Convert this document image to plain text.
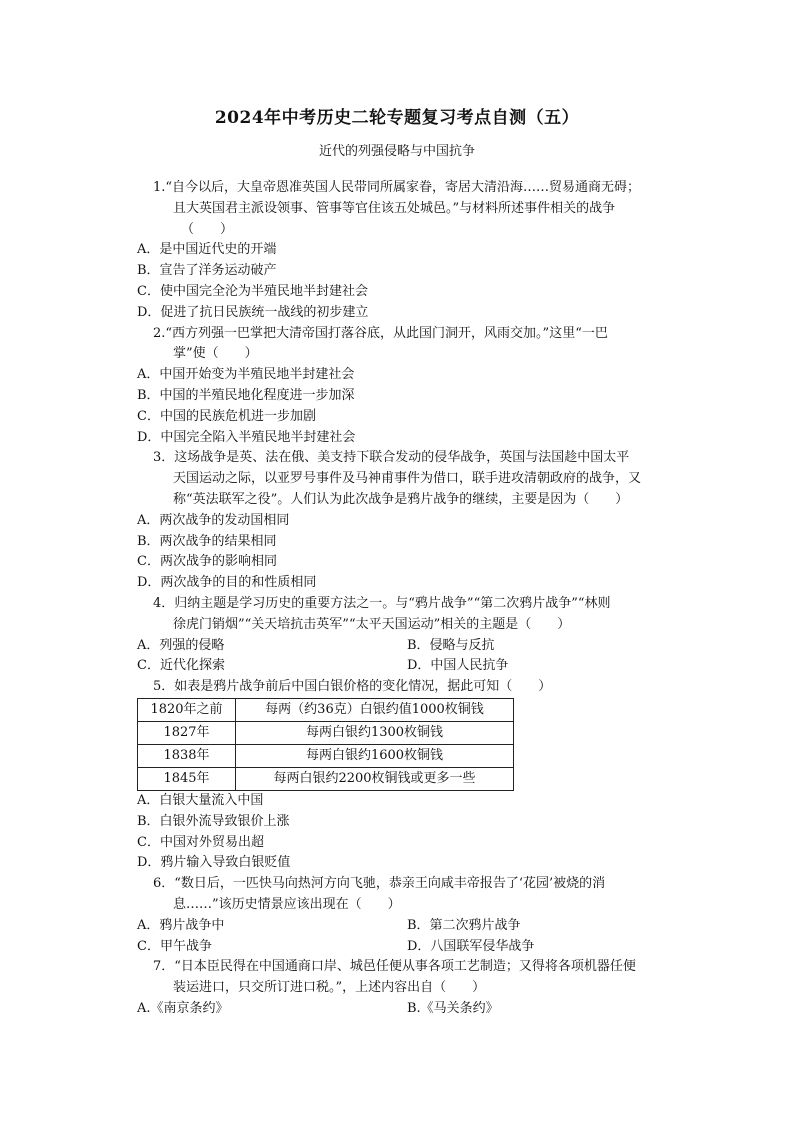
2024年中考历史二轮专题复习考点自测（五）
近代的列强侵略与中国抗争
1.“自今以后，大皇帝恩准英国人民带同所属家眷，寄居大清沿海……贸易通商无碍；
且大英国君主派设领事、管事等官住该五处城邑。”与材料所述事件相关的战争
（　　）
A．是中国近代史的开端
B．宣告了洋务运动破产
C．使中国完全沦为半殖民地半封建社会
D．促进了抗日民族统一战线的初步建立
2.“西方列强一巴掌把大清帝国打落谷底，从此国门洞开，风雨交加。”这里“一巴
掌”使（　　）
A．中国开始变为半殖民地半封建社会
B．中国的半殖民地化程度进一步加深
C．中国的民族危机进一步加剧
D．中国完全陷入半殖民地半封建社会
3．这场战争是英、法在俄、美支持下联合发动的侵华战争，英国与法国趁中国太平
天国运动之际，以亚罗号事件及马神甫事件为借口，联手进攻清朝政府的战争，又
称“英法联军之役”。人们认为此次战争是鸦片战争的继续，主要是因为（　　）
A．两次战争的发动国相同
B．两次战争的结果相同
C．两次战争的影响相同
D．两次战争的目的和性质相同
4．归纳主题是学习历史的重要方法之一。与“鸦片战争”“第二次鸦片战争”“林则
徐虎门销烟”“关天培抗击英军”“太平天国运动”相关的主题是（　　）
A．列强的侵略	B．侵略与反抗
C．近代化探索	D．中国人民抗争
5．如表是鸦片战争前后中国白银价格的变化情况，据此可知（　　）
1820年之前	每两（约36克）白银约值1000枚铜钱
1827年	每两白银约1300枚铜钱
1838年	每两白银约1600枚铜钱
1845年	每两白银约2200枚铜钱或更多一些
A．白银大量流入中国
B．白银外流导致银价上涨
C．中国对外贸易出超
D．鸦片输入导致白银贬值
6．“数日后，一匹快马向热河方向飞驰，恭亲王向咸丰帝报告了‘花园’被烧的消
息……”该历史情景应该出现在（　　）
A．鸦片战争中	B．第二次鸦片战争
C．甲午战争	D．八国联军侵华战争
7．“日本臣民得在中国通商口岸、城邑任便从事各项工艺制造；又得将各项机器任便
装运进口，只交所订进口税。”，上述内容出自（　　）
A.《南京条约》	B.《马关条约》
